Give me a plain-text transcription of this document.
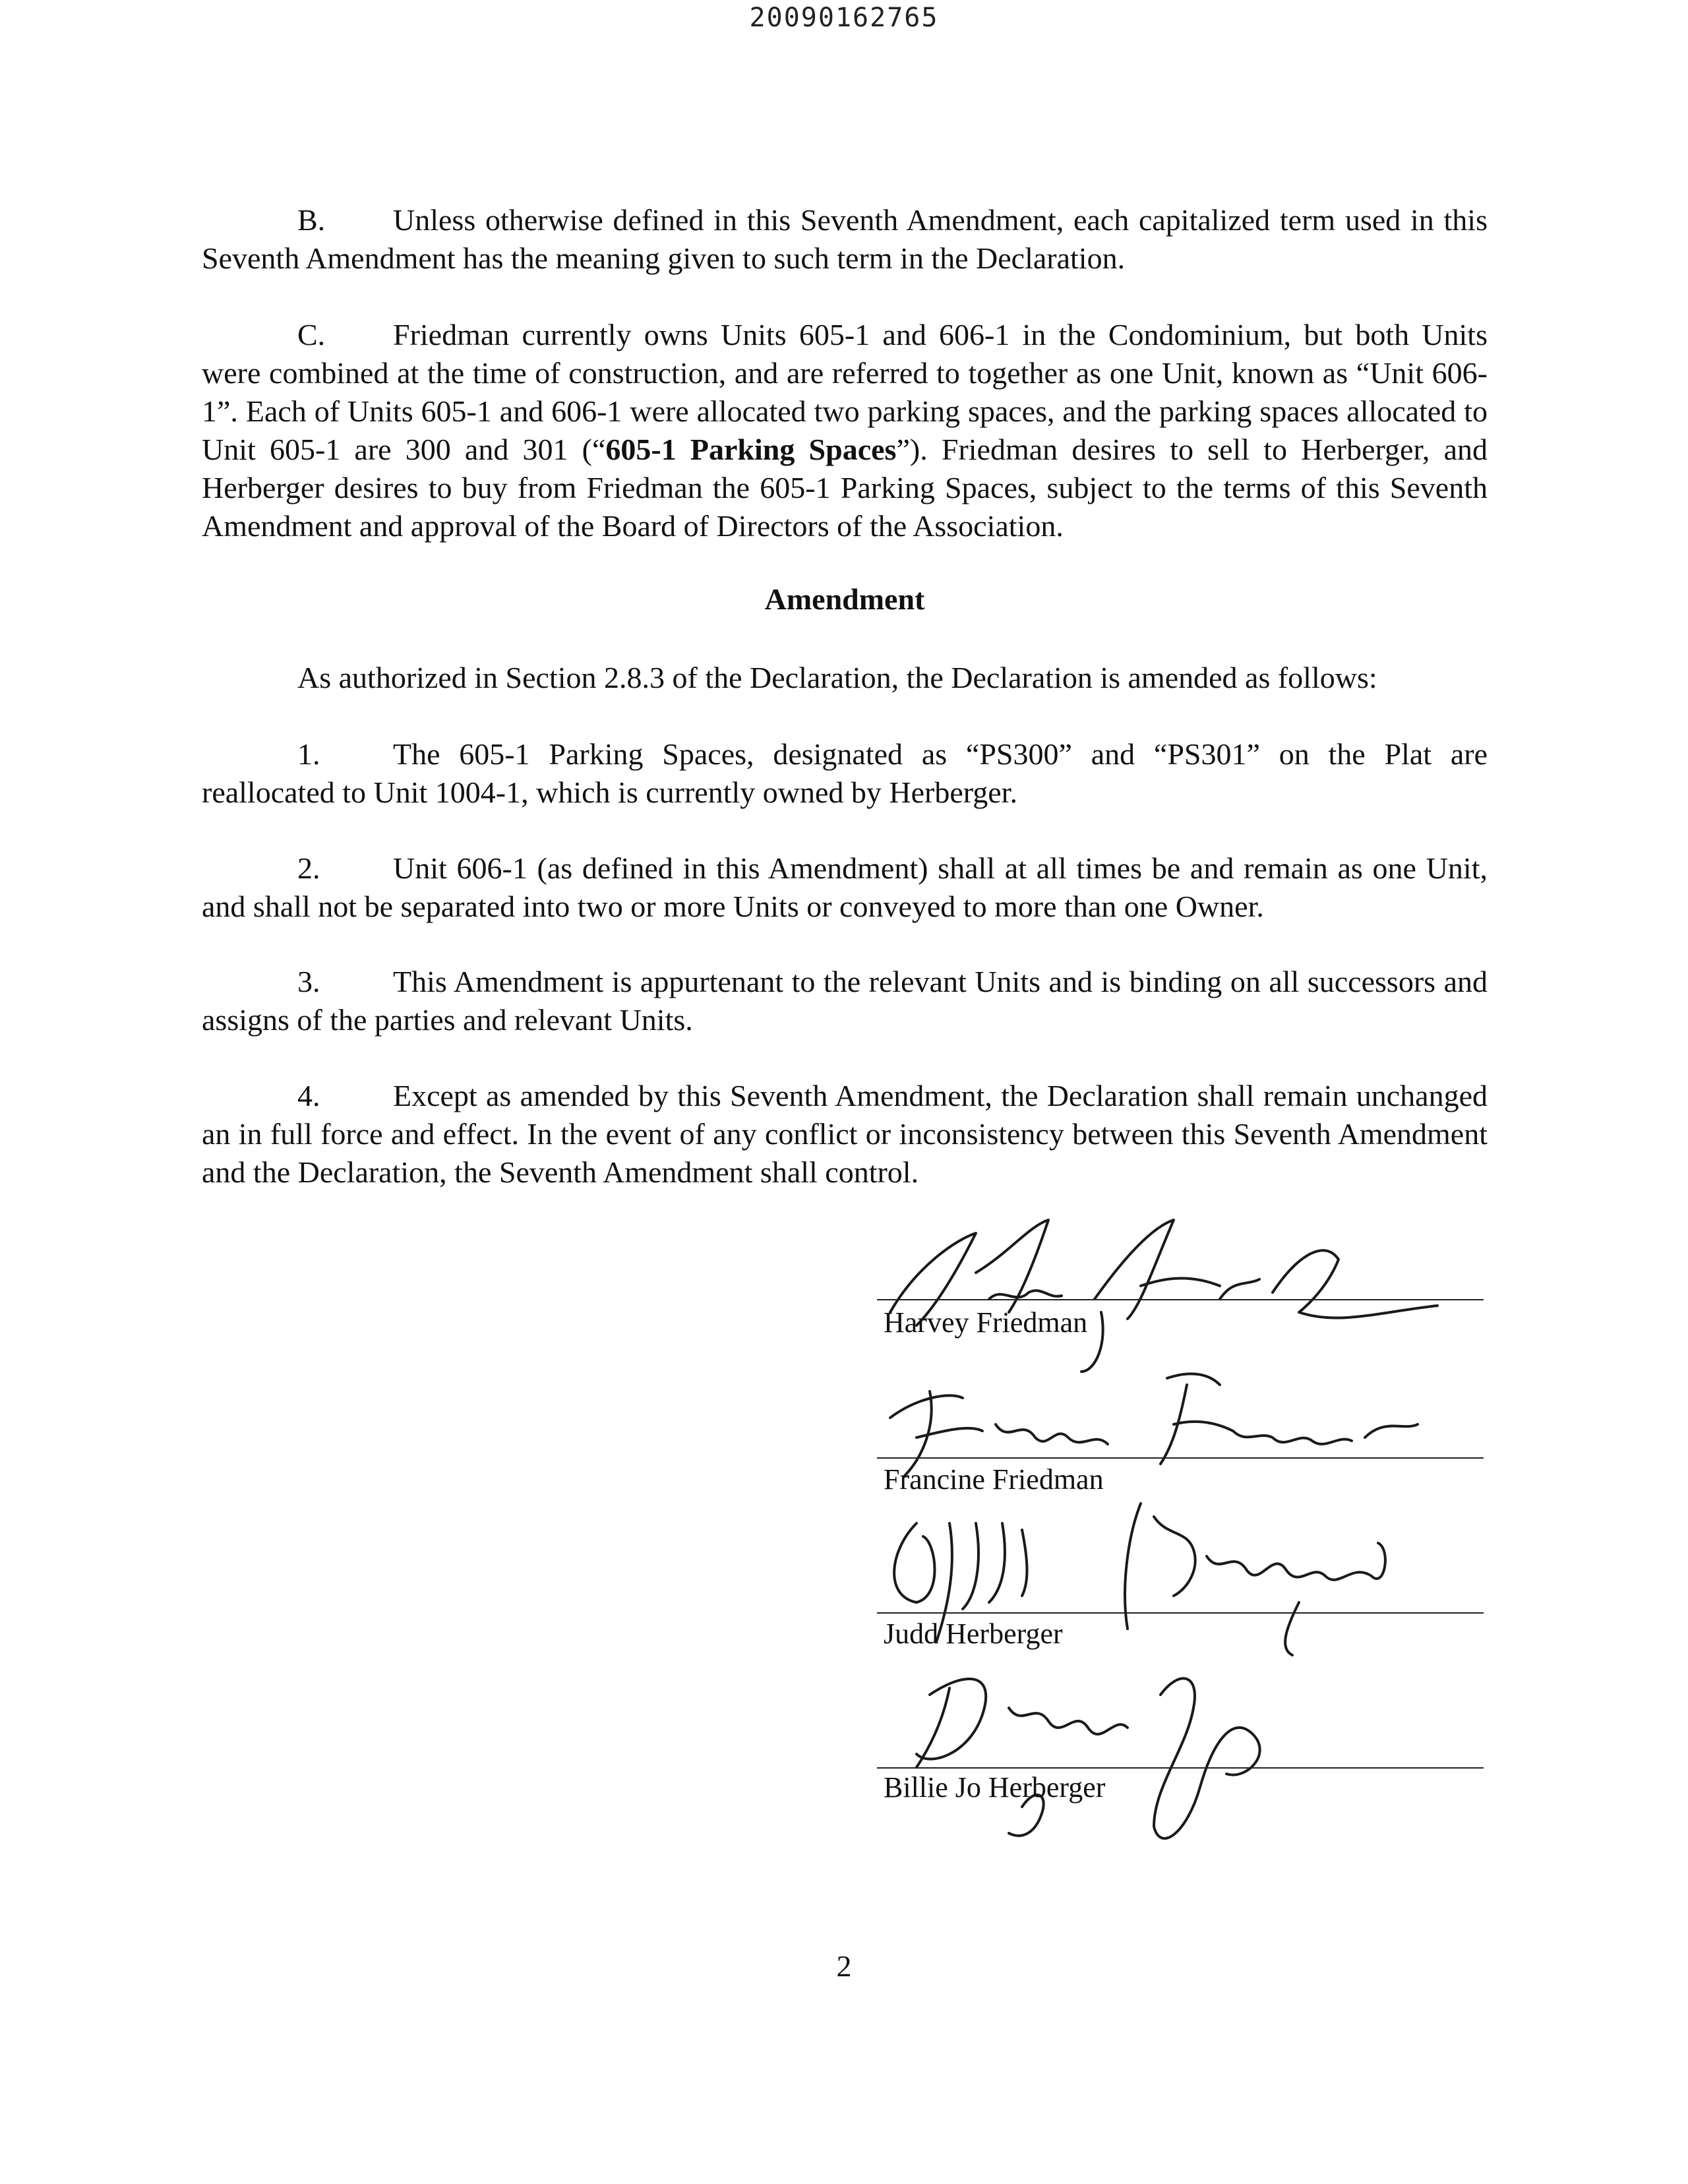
20090162765

B. Unless otherwise defined in this Seventh Amendment, each capitalized term used in this Seventh Amendment has the meaning given to such term in the Declaration.

C. Friedman currently owns Units 605-1 and 606-1 in the Condominium, but both Units were combined at the time of construction, and are referred to together as one Unit, known as “Unit 606-1”. Each of Units 605-1 and 606-1 were allocated two parking spaces, and the parking spaces allocated to Unit 605-1 are 300 and 301 (“605-1 Parking Spaces”). Friedman desires to sell to Herberger, and Herberger desires to buy from Friedman the 605-1 Parking Spaces, subject to the terms of this Seventh Amendment and approval of the Board of Directors of the Association.

Amendment

As authorized in Section 2.8.3 of the Declaration, the Declaration is amended as follows:

1. The 605-1 Parking Spaces, designated as “PS300” and “PS301” on the Plat are reallocated to Unit 1004-1, which is currently owned by Herberger.

2. Unit 606-1 (as defined in this Amendment) shall at all times be and remain as one Unit, and shall not be separated into two or more Units or conveyed to more than one Owner.

3. This Amendment is appurtenant to the relevant Units and is binding on all successors and assigns of the parties and relevant Units.

4. Except as amended by this Seventh Amendment, the Declaration shall remain unchanged an in full force and effect. In the event of any conflict or inconsistency between this Seventh Amendment and the Declaration, the Seventh Amendment shall control.

Harvey Friedman
Francine Friedman
Judd Herberger
Billie Jo Herberger
2
